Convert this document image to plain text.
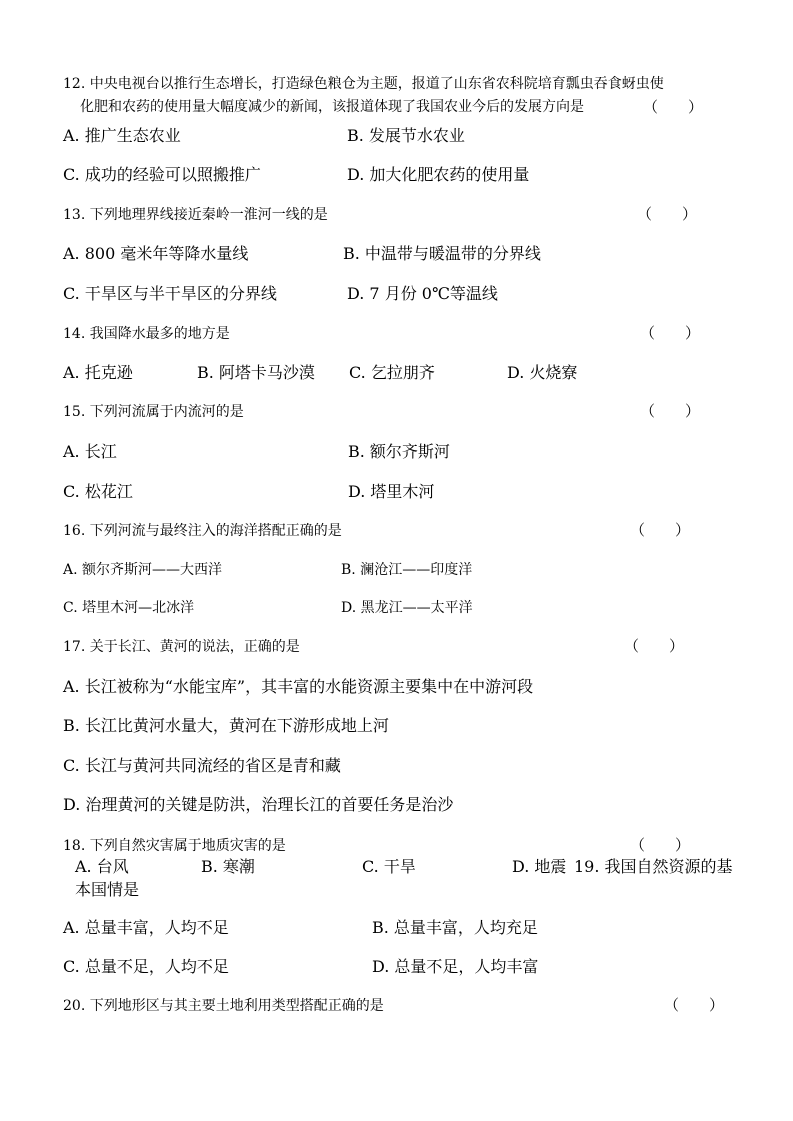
12. 中央电视台以推行生态增长，打造绿色粮仓为主题，报道了山东省农科院培育瓢虫吞食蚜虫使
化肥和农药的使用量大幅度减少的新闻，该报道体现了我国农业今后的发展方向是	（　　）
A. 推广生态农业	B. 发展节水农业
C. 成功的经验可以照搬推广	D. 加大化肥农药的使用量
13. 下列地理界线接近秦岭一淮河一线的是	（　　）
A. 800 毫米年等降水量线	B. 中温带与暖温带的分界线
C. 干旱区与半干旱区的分界线	D. 7 月份 0℃等温线
14. 我国降水最多的地方是	（　　）
A. 托克逊	B. 阿塔卡马沙漠 C. 乞拉朋齐	D. 火烧寮
15. 下列河流属于内流河的是	（　　）
A. 长江	B. 额尔齐斯河
C. 松花江	D. 塔里木河
16. 下列河流与最终注入的海洋搭配正确的是	（　　）
A. 额尔齐斯河——大西洋	B. 澜沧江——印度洋
C. 塔里木河—北冰洋	D. 黑龙江——太平洋
17. 关于长江、黄河的说法，正确的是	（　　）
A. 长江被称为“水能宝库”，其丰富的水能资源主要集中在中游河段
B. 长江比黄河水量大，黄河在下游形成地上河
C. 长江与黄河共同流经的省区是青和藏
D. 治理黄河的关键是防洪，治理长江的首要任务是治沙
18. 下列自然灾害属于地质灾害的是	（　　）
A. 台风	B. 寒潮	C. 干旱	D. 地震 19. 我国自然资源的基
本国情是
A. 总量丰富，人均不足	B. 总量丰富，人均充足
C. 总量不足，人均不足	D. 总量不足，人均丰富
20. 下列地形区与其主要土地利用类型搭配正确的是	（　　）
